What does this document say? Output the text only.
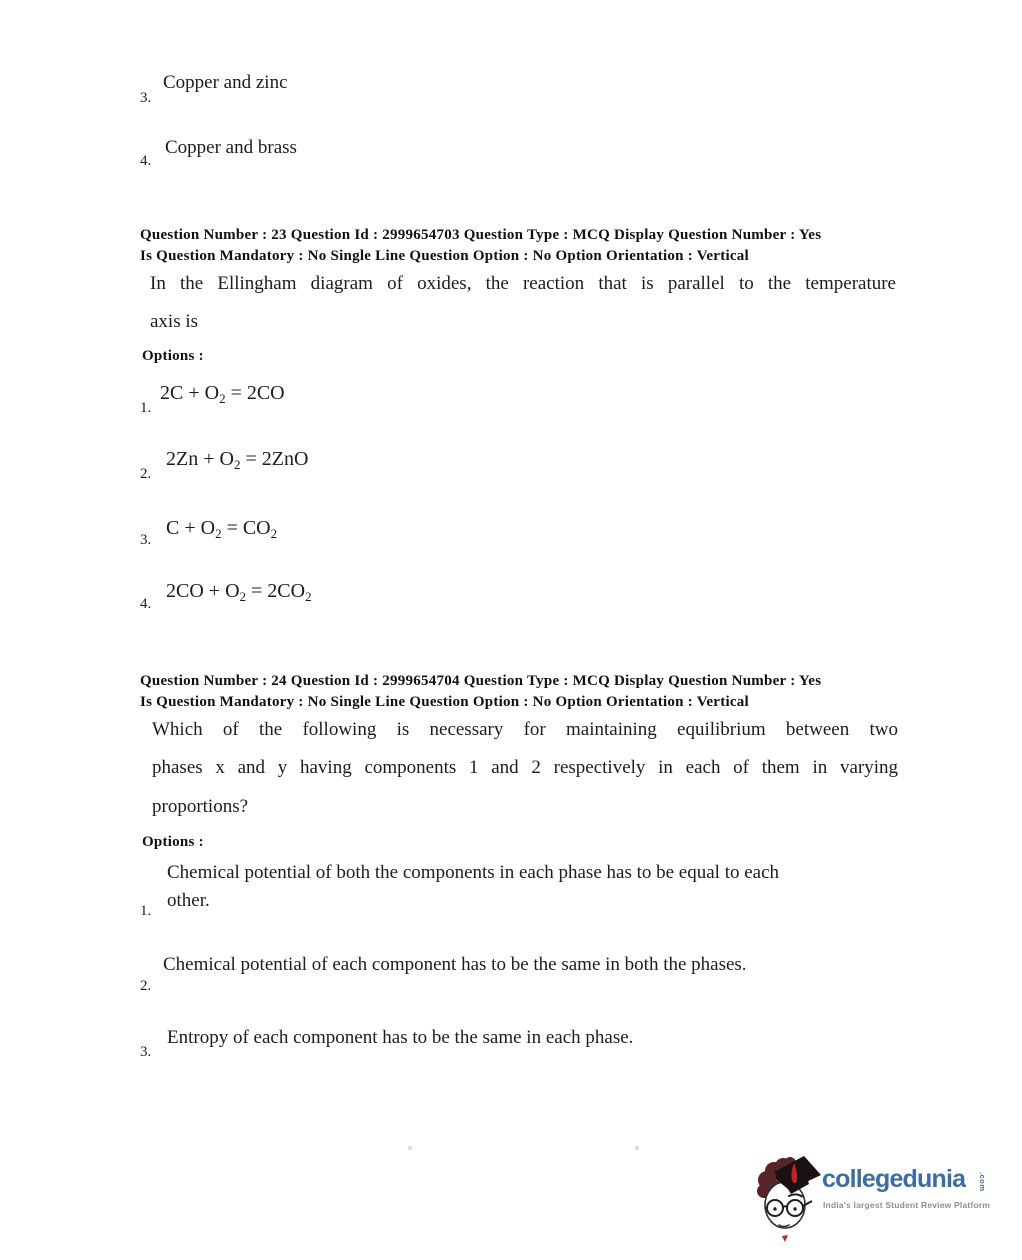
Copper and zinc
3.
Copper and brass
4.
Question Number : 23 Question Id : 2999654703 Question Type : MCQ Display Question Number : Yes
Is Question Mandatory : No Single Line Question Option : No Option Orientation : Vertical
In the Ellingham diagram of oxides, the reaction that is parallel to the temperature
axis is
Options :
$2C + O_2 = 2CO$
1.
$2Zn + O_2 = 2ZnO$
2.
$C + O_2 = CO_2$
3.
$2CO + O_2 = 2CO_2$
4.
Question Number : 24 Question Id : 2999654704 Question Type : MCQ Display Question Number : Yes
Is Question Mandatory : No Single Line Question Option : No Option Orientation : Vertical
Which of the following is necessary for maintaining equilibrium between two
phases x and y having components 1 and 2 respectively in each of them in varying
proportions?
Options :
Chemical potential of both the components in each phase has to be equal to each
other.
1.
Chemical potential of each component has to be the same in both the phases.
2.
Entropy of each component has to be the same in each phase.
3.
collegedunia .com
India's largest Student Review Platform
~
